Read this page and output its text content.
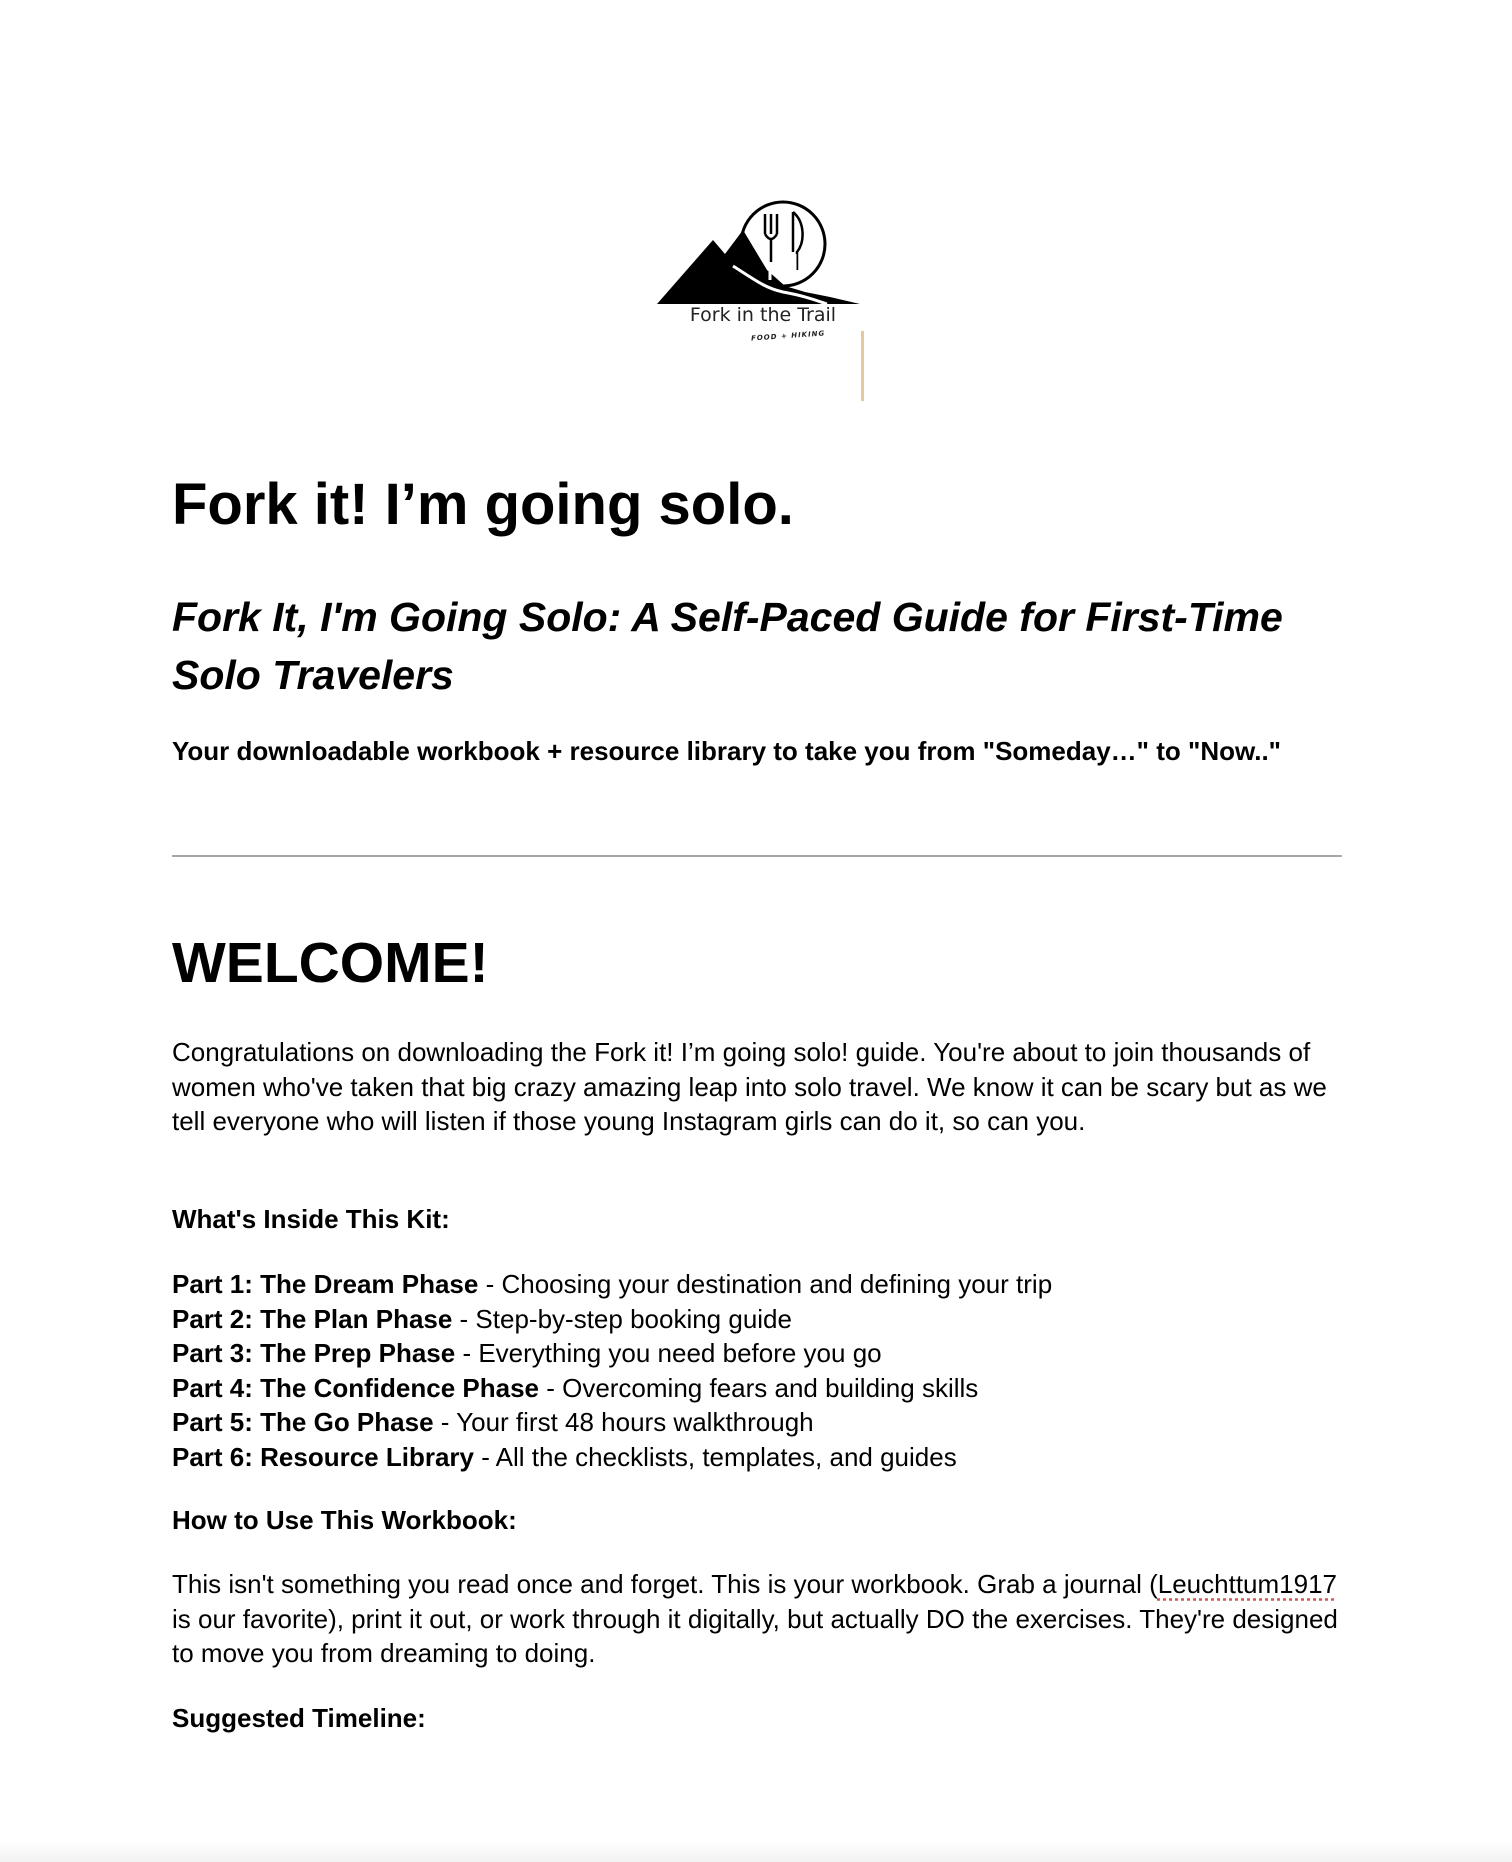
Fork in the Trail
FOOD + HIKING
Fork it! I’m going solo.
Fork It, I'm Going Solo: A Self-Paced Guide for First-Time Solo Travelers

Your downloadable workbook + resource library to take you from "Someday…" to "Now.."

WELCOME!

Congratulations on downloading the Fork it! I’m going solo! guide. You're about to join thousands of women who've taken that big crazy amazing leap into solo travel. We know it can be scary but as we tell everyone who will listen if those young Instagram girls can do it, so can you.

What's Inside This Kit:

Part 1: The Dream Phase - Choosing your destination and defining your trip
Part 2: The Plan Phase - Step-by-step booking guide
Part 3: The Prep Phase - Everything you need before you go
Part 4: The Confidence Phase - Overcoming fears and building skills
Part 5: The Go Phase - Your first 48 hours walkthrough
Part 6: Resource Library - All the checklists, templates, and guides

How to Use This Workbook:

This isn't something you read once and forget. This is your workbook. Grab a journal (Leuchttum1917 is our favorite), print it out, or work through it digitally, but actually DO the exercises. They're designed to move you from dreaming to doing.

Suggested Timeline:
